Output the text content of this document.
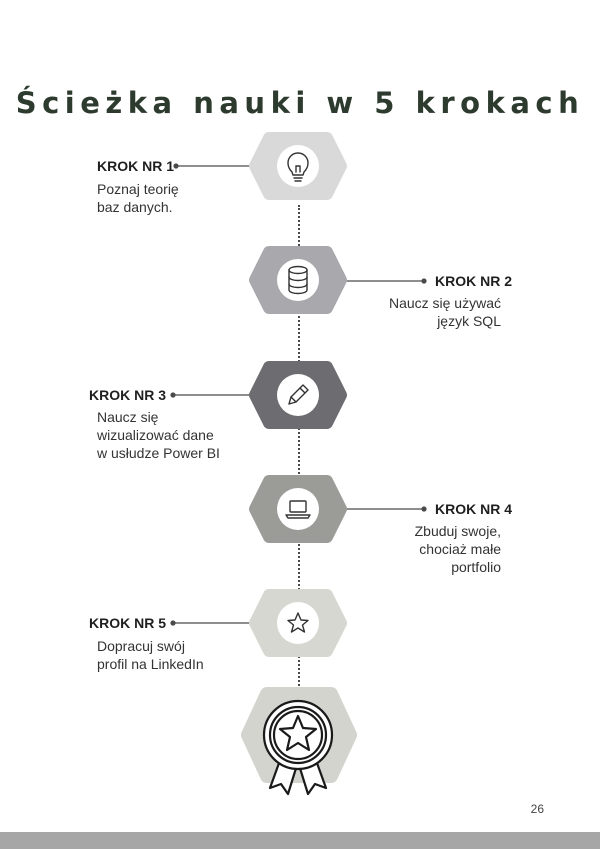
Ścieżka nauki w 5 krokach
KROK NR 1
Poznaj teorię
baz danych.
KROK NR 2
Naucz się używać
język SQL
KROK NR 3
Naucz się
wizualizować dane
w usłudze Power BI
KROK NR 4
Zbuduj swoje,
chociaż małe
portfolio
KROK NR 5
Dopracuj swój
profil na LinkedIn
26
